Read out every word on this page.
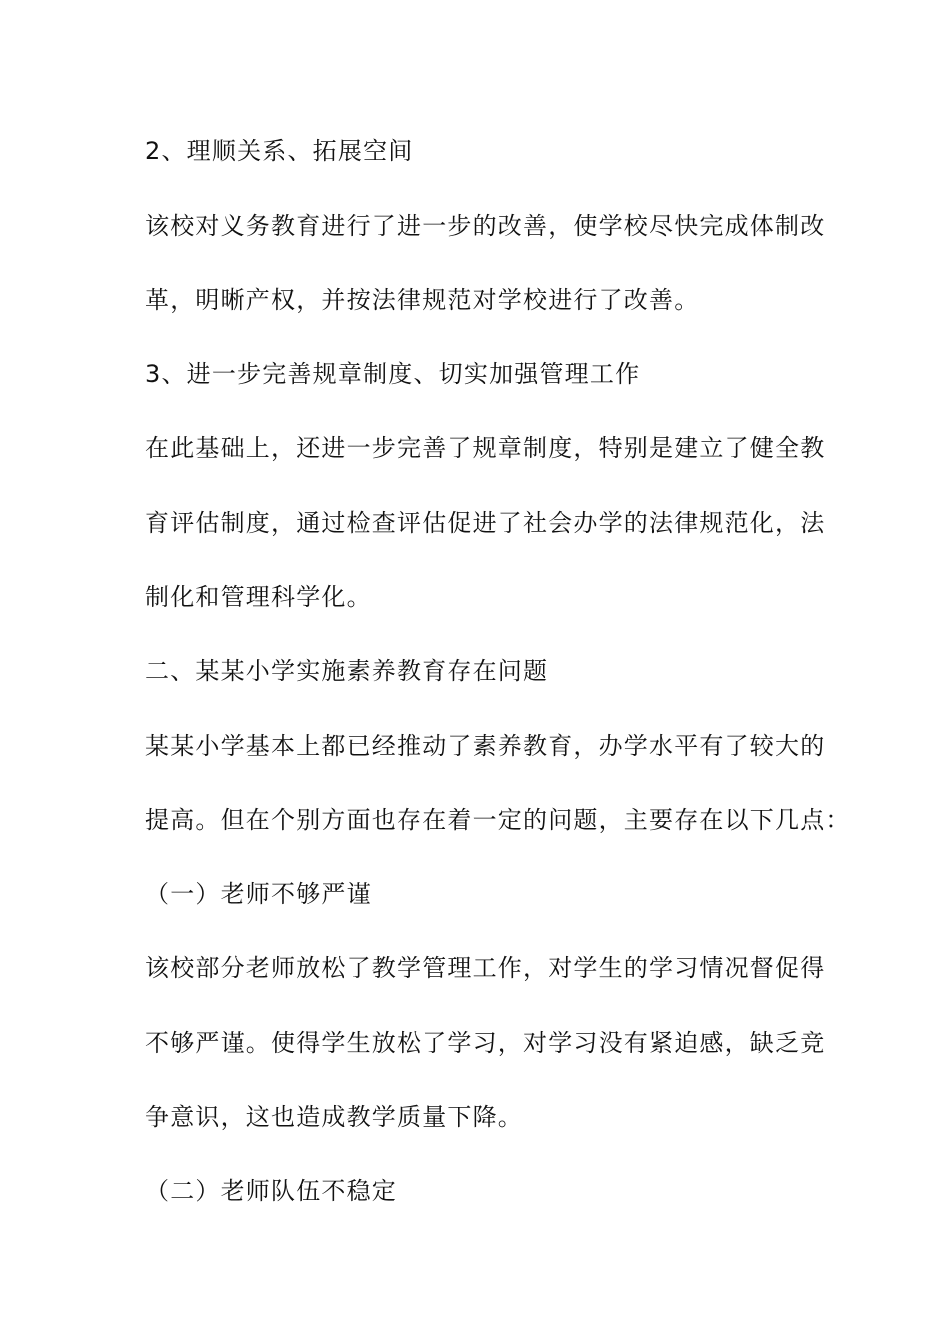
2、理顺关系、拓展空间
该校对义务教育进行了进一步的改善，使学校尽快完成体制改
革，明晰产权，并按法律规范对学校进行了改善。
3、进一步完善规章制度、切实加强管理工作
在此基础上，还进一步完善了规章制度，特别是建立了健全教
育评估制度，通过检查评估促进了社会办学的法律规范化，法
制化和管理科学化。
二、某某小学实施素养教育存在问题
某某小学基本上都已经推动了素养教育，办学水平有了较大的
提高。但在个别方面也存在着一定的问题，主要存在以下几点：
（一）老师不够严谨
该校部分老师放松了教学管理工作，对学生的学习情况督促得
不够严谨。使得学生放松了学习，对学习没有紧迫感，缺乏竞
争意识，这也造成教学质量下降。
（二）老师队伍不稳定
